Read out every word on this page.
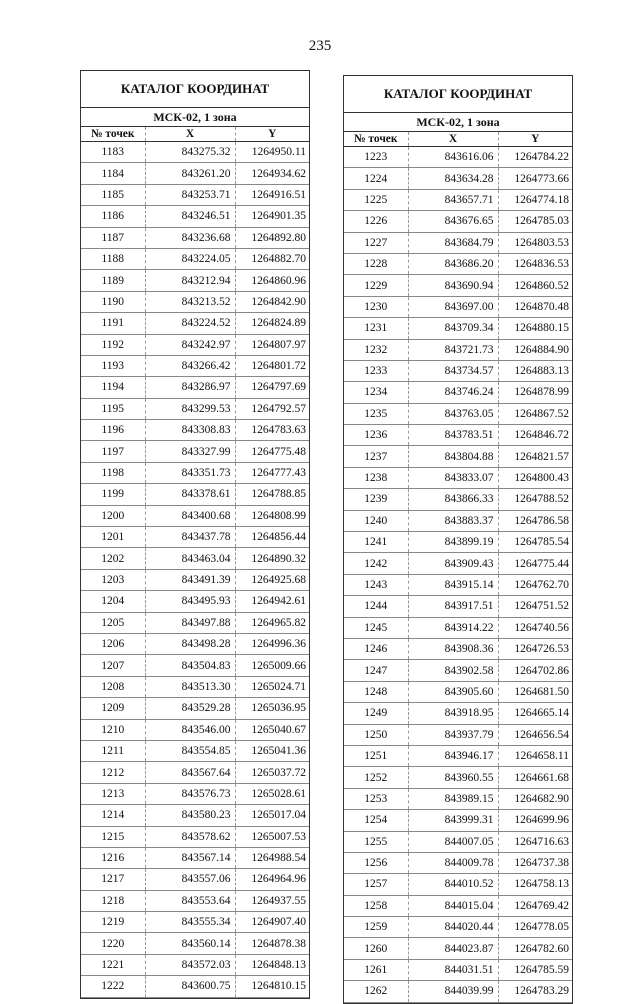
235
КАТАЛОГ КООРДИНАТ
МСК-02, 1 зона
№ точек	X	Y
1183	843275.32	1264950.11
1184	843261.20	1264934.62
1185	843253.71	1264916.51
1186	843246.51	1264901.35
1187	843236.68	1264892.80
1188	843224.05	1264882.70
1189	843212.94	1264860.96
1190	843213.52	1264842.90
1191	843224.52	1264824.89
1192	843242.97	1264807.97
1193	843266.42	1264801.72
1194	843286.97	1264797.69
1195	843299.53	1264792.57
1196	843308.83	1264783.63
1197	843327.99	1264775.48
1198	843351.73	1264777.43
1199	843378.61	1264788.85
1200	843400.68	1264808.99
1201	843437.78	1264856.44
1202	843463.04	1264890.32
1203	843491.39	1264925.68
1204	843495.93	1264942.61
1205	843497.88	1264965.82
1206	843498.28	1264996.36
1207	843504.83	1265009.66
1208	843513.30	1265024.71
1209	843529.28	1265036.95
1210	843546.00	1265040.67
1211	843554.85	1265041.36
1212	843567.64	1265037.72
1213	843576.73	1265028.61
1214	843580.23	1265017.04
1215	843578.62	1265007.53
1216	843567.14	1264988.54
1217	843557.06	1264964.96
1218	843553.64	1264937.55
1219	843555.34	1264907.40
1220	843560.14	1264878.38
1221	843572.03	1264848.13
1222	843600.75	1264810.15
КАТАЛОГ КООРДИНАТ
МСК-02, 1 зона
№ точек	X	Y
1223	843616.06	1264784.22
1224	843634.28	1264773.66
1225	843657.71	1264774.18
1226	843676.65	1264785.03
1227	843684.79	1264803.53
1228	843686.20	1264836.53
1229	843690.94	1264860.52
1230	843697.00	1264870.48
1231	843709.34	1264880.15
1232	843721.73	1264884.90
1233	843734.57	1264883.13
1234	843746.24	1264878.99
1235	843763.05	1264867.52
1236	843783.51	1264846.72
1237	843804.88	1264821.57
1238	843833.07	1264800.43
1239	843866.33	1264788.52
1240	843883.37	1264786.58
1241	843899.19	1264785.54
1242	843909.43	1264775.44
1243	843915.14	1264762.70
1244	843917.51	1264751.52
1245	843914.22	1264740.56
1246	843908.36	1264726.53
1247	843902.58	1264702.86
1248	843905.60	1264681.50
1249	843918.95	1264665.14
1250	843937.79	1264656.54
1251	843946.17	1264658.11
1252	843960.55	1264661.68
1253	843989.15	1264682.90
1254	843999.31	1264699.96
1255	844007.05	1264716.63
1256	844009.78	1264737.38
1257	844010.52	1264758.13
1258	844015.04	1264769.42
1259	844020.44	1264778.05
1260	844023.87	1264782.60
1261	844031.51	1264785.59
1262	844039.99	1264783.29
